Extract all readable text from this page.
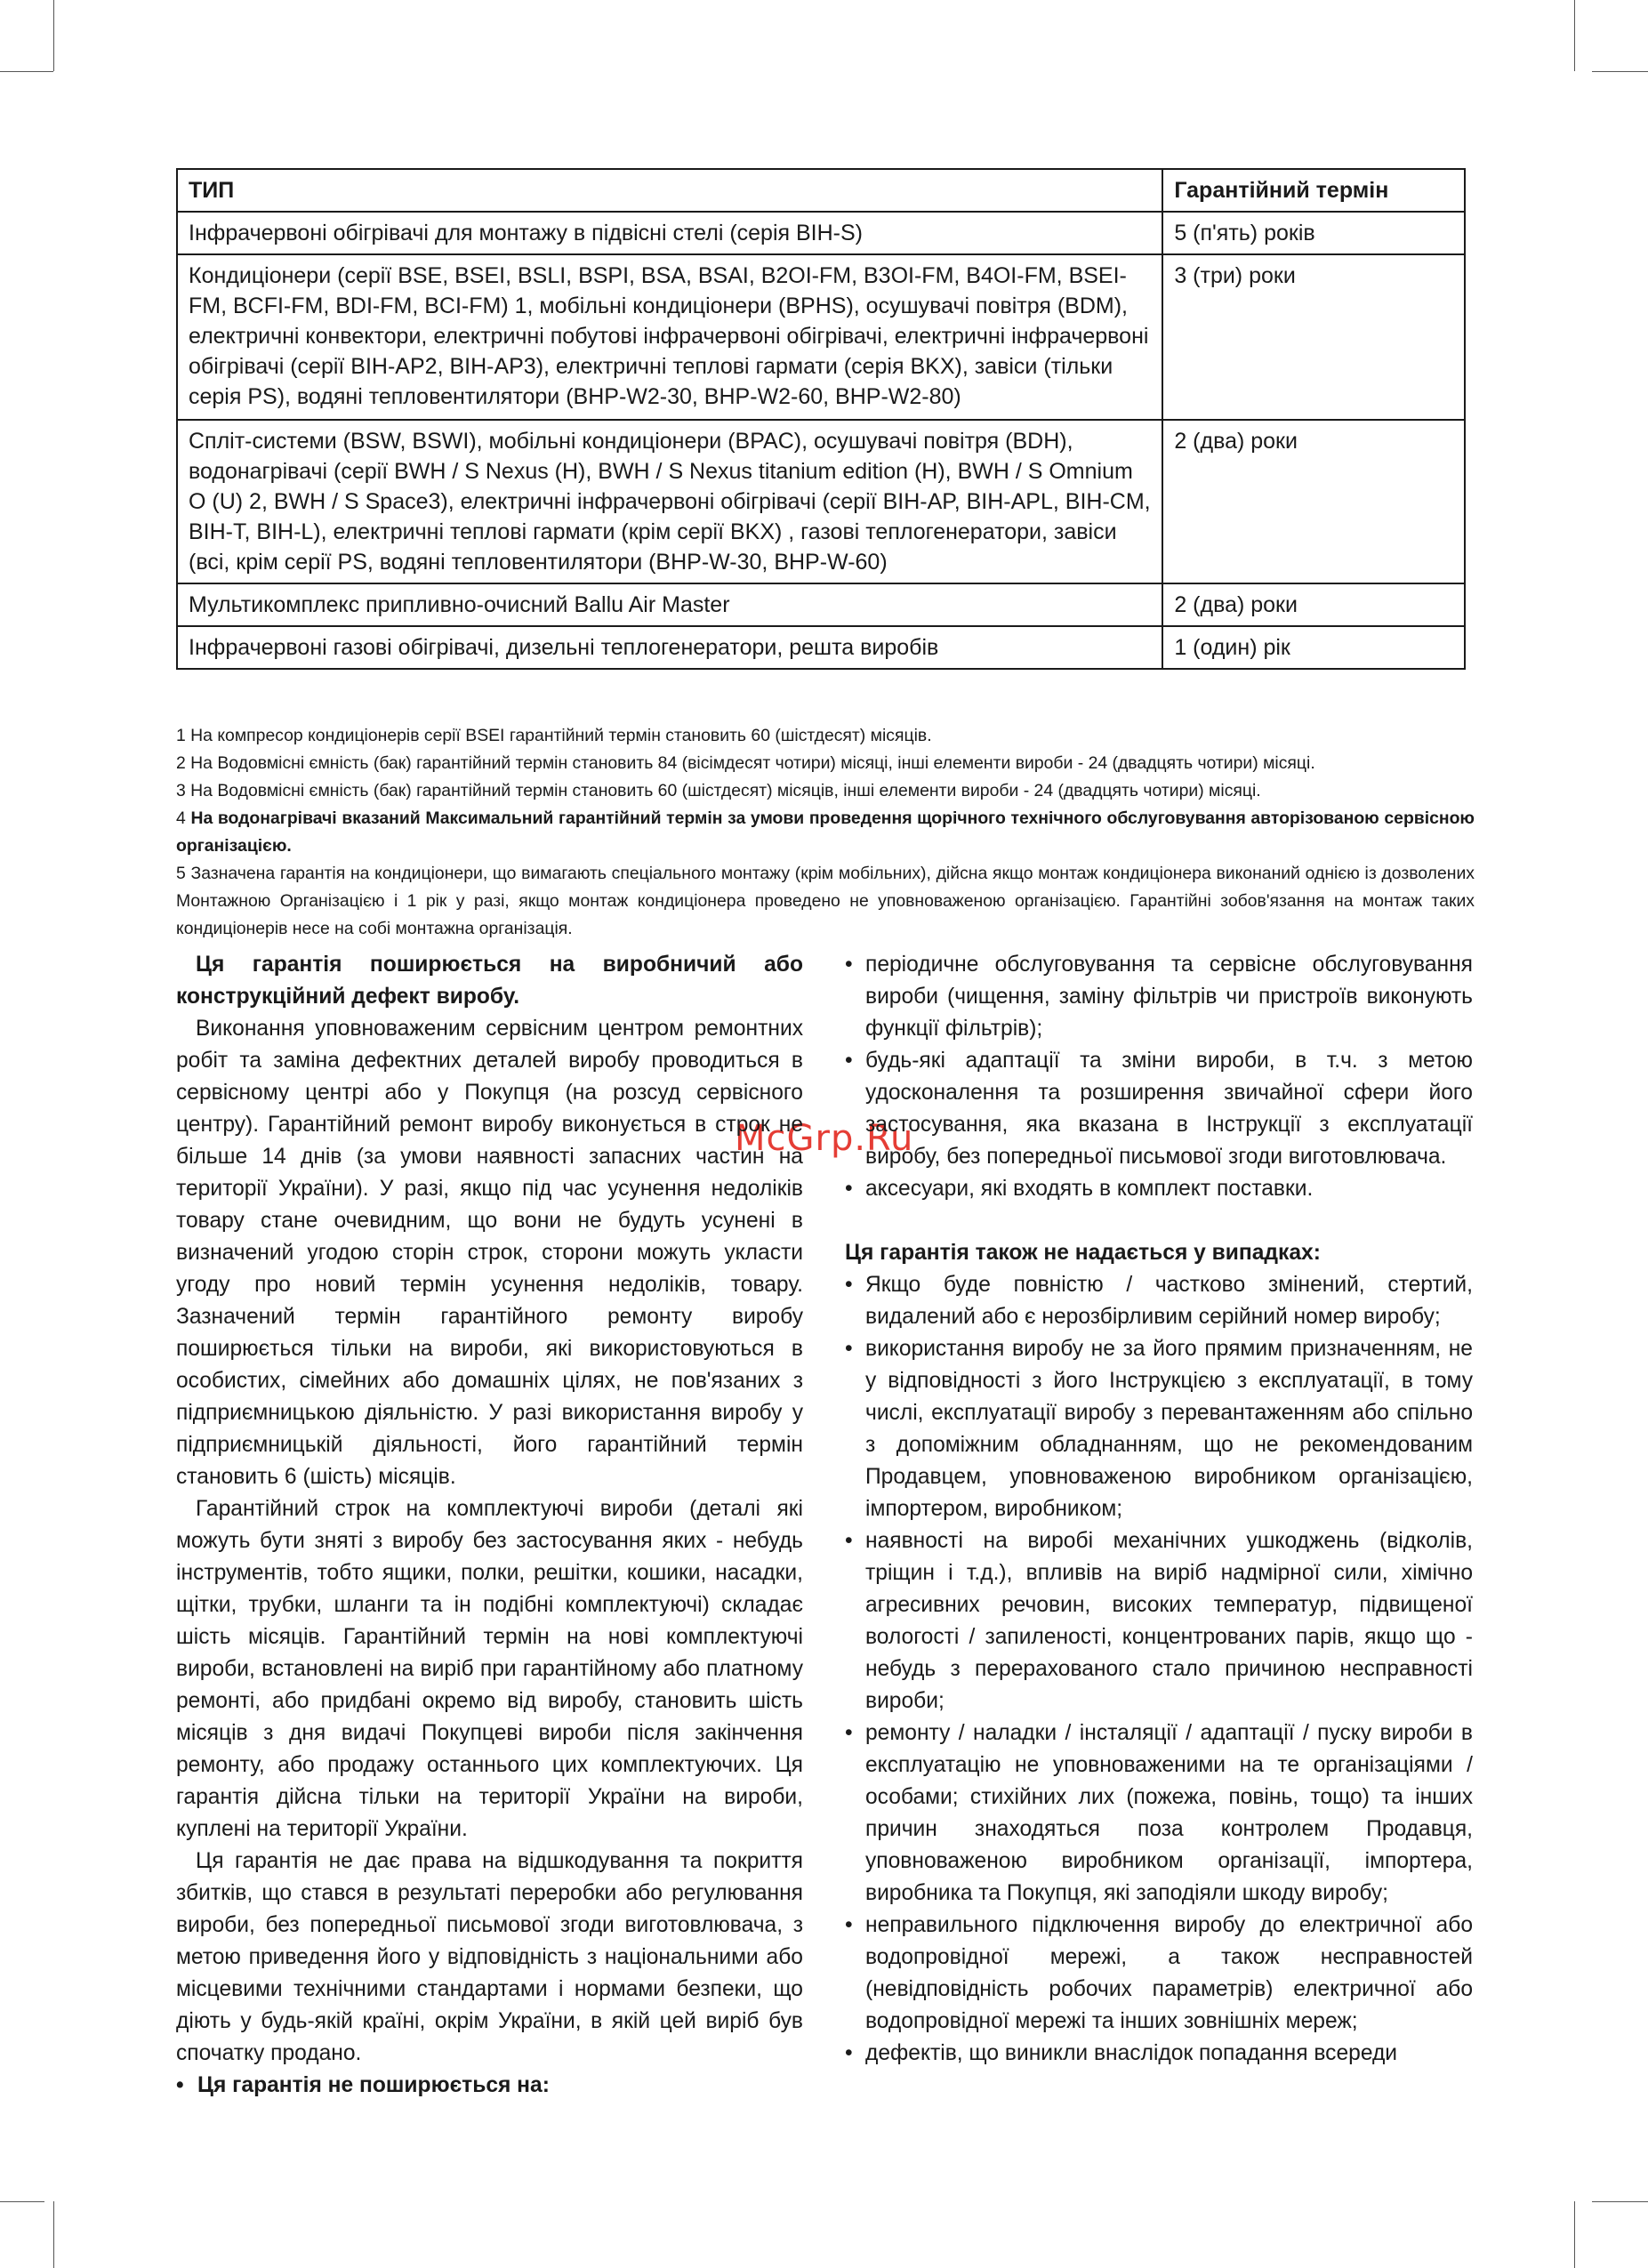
ТИП	Гарантійний термін
Інфрачервоні обігрівачі для монтажу в підвісні стелі (серія BIH-S)	5 (п'ять) років
Кондиціонери (серії BSE, BSEI, BSLI, BSPI, BSA, BSAI, B2OI-FM, B3OI-FM, B4OI-FM, BSEI-FM, BCFI-FM, BDI-FM, BCI-FM) 1, мобільні кондиціонери (BPHS), осушувачі повітря (BDM), електричні конвектори, електричні побутові інфрачервоні обігрівачі, електричні інфрачервоні обігрівачі (серії BIH-AP2, BIH-AP3), електричні теплові гармати (серія BKX), завіси (тільки серія PS), водяні тепловентилятори (BHP-W2-30, BHP-W2-60, BHP-W2-80)	3 (три) роки
Спліт-системи (BSW, BSWI), мобільні кондиціонери (BPAC), осушувачі повітря (BDH), водонагрівачі (серії BWH / S Nexus (H), BWH / S Nexus titanium edition (H), BWH / S Omnium O (U) 2, BWH / S Space3), електричні інфрачервоні обігрівачі (серії BIH-AP, BIH-APL, BIH-CM, BIH-T, BIH-L), електричні теплові гармати (крім серії BKX) , газові теплогенератори, завіси (всі, крім серії PS, водяні тепловентилятори (BHP-W-30, BHP-W-60)	2 (два) роки
Мультикомплекс припливно-очисний Ballu Air Master	2 (два) роки
Інфрачервоні газові обігрівачі, дизельні теплогенератори, решта виробів	1 (один) рік

1 На компресор кондиціонерів серії BSEI гарантійний термін становить 60 (шістдесят) місяців.

2 На Водовмісні ємність (бак) гарантійний термін становить 84 (вісімдесят чотири) місяці, інші елементи вироби - 24 (двадцять чотири) місяці.

3 На Водовмісні ємність (бак) гарантійний термін становить 60 (шістдесят) місяців, інші елементи вироби - 24 (двадцять чотири) місяці.

4 На водонагрівачі вказаний Максимальний гарантійний термін за умови проведення щорічного технічного обслуговування авторізованою сервісною організацією.

5 Зазначена гарантія на кондиціонери, що вимагають спеціального монтажу (крім мобільних), дійсна якщо монтаж кондиціонера виконаний однією із дозволених Монтажною Організацією і 1 рік у разі, якщо монтаж кондиціонера проведено не уповноваженою організацією. Гарантійні зобов'язання на монтаж таких кондиціонерів несе на собі монтажна організація.

McGrp.Ru

Ця гарантія поширюється на виробничий або конструкційний дефект виробу.

Виконання уповноваженим сервісним центром ремонтних робіт та заміна дефектних деталей виробу проводиться в сервісному центрі або у Покупця (на розсуд сервісного центру). Гарантійний ремонт виробу виконується в строк не більше 14 днів (за умови наявності запасних частин на території України). У разі, якщо під час усунення недоліків товару стане очевидним, що вони не будуть усунені в визначений угодою сторін строк, сторони можуть укласти угоду про новий термін усунення недоліків, товару. Зазначений термін гарантійного ремонту виробу поширюється тільки на вироби, які використовуються в особистих, сімейних або домашніх цілях, не пов'язаних з підприємницькою діяльністю. У разі використання виробу у підприємницькій діяльності, його гарантійний термін становить 6 (шість) місяців.

Гарантійний строк на комплектуючі вироби (деталі які можуть бути зняті з виробу без застосування яких - небудь інструментів, тобто ящики, полки, решітки, кошики, насадки, щітки, трубки, шланги та ін подібні комплектуючі) складає шість місяців. Гарантійний термін на нові комплектуючі вироби, встановлені на виріб при гарантійному або платному ремонті, або придбані окремо від виробу, становить шість місяців з дня видачі Покупцеві вироби після закінчення ремонту, або продажу останнього цих комплектуючих. Ця гарантія дійсна тільки на території України на вироби, куплені на території України.

Ця гарантія не дає права на відшкодування та покриття збитків, що стався в результаті переробки або регулювання вироби, без попередньої письмової згоди виготовлювача, з метою приведення його у відповідність з національними або місцевими технічними стандартами і нормами безпеки, що діють у будь-якій країні, окрім України, в якій цей виріб був спочатку продано.

• Ця гарантія не поширюється на:
• періодичне обслуговування та сервісне обслуговування вироби (чищення, заміну фільтрів чи пристроїв виконують функції фільтрів);
• будь-які адаптації та зміни вироби, в т.ч. з метою удосконалення та розширення звичайної сфери його застосування, яка вказана в Інструкції з експлуатації виробу, без попередньої письмової згоди виготовлювача.
• аксесуари, які входять в комплект поставки.

Ця гарантія також не надається у випадках:

• Якщо буде повністю / частково змінений, стертий, видалений або є нерозбірливим серійний номер виробу;
• використання виробу не за його прямим призначенням, не у відповідності з його Інструкцією з експлуатації, в тому числі, експлуатації виробу з перевантаженням або спільно з допоміжним обладнанням, що не рекомендованим Продавцем, уповноваженою виробником організацією, імпортером, виробником;
• наявності на виробі механічних ушкоджень (відколів, тріщин і т.д.), впливів на виріб надмірної сили, хімічно агресивних речовин, високих температур, підвищеної вологості / запиленості, концентрованих парів, якщо що - небудь з перерахованого стало причиною несправності вироби;
• ремонту / наладки / інсталяції / адаптації / пуску вироби в експлуатацію не уповноваженими на те організаціями / особами; стихійних лих (пожежа, повінь, тощо) та інших причин знаходяться поза контролем Продавця, уповноваженою виробником організації, імпортера, виробника та Покупця, які заподіяли шкоду виробу;
• неправильного підключення виробу до електричної або водопровідної мережі, а також несправностей (невідповідність робочих параметрів) електричної або водопровідної мережі та інших зовнішніх мереж;
• дефектів, що виникли внаслідок попадання всереди
